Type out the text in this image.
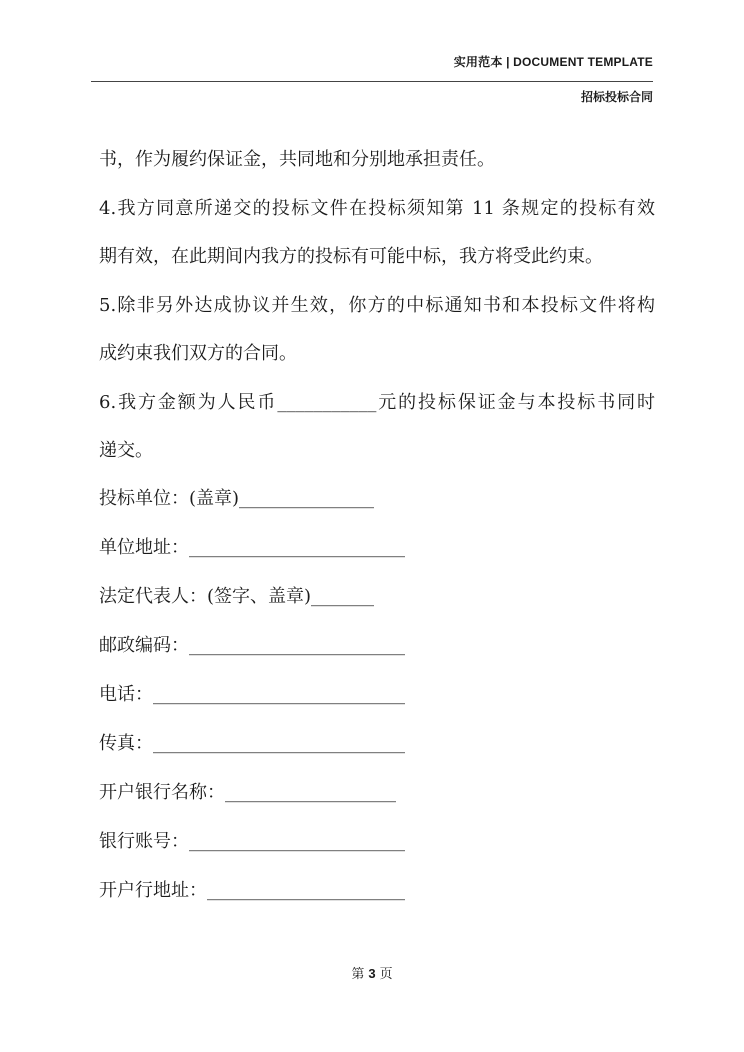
实用范本 | DOCUMENT TEMPLATE
招标投标合同
书，作为履约保证金，共同地和分别地承担责任。
4.我方同意所递交的投标文件在投标须知第 11 条规定的投标有效
期有效，在此期间内我方的投标有可能中标，我方将受此约束。
5.除非另外达成协议并生效，你方的中标通知书和本投标文件将构
成约束我们双方的合同。
6.我方金额为人民币___________元的投标保证金与本投标书同时
递交。
投标单位：(盖章)_______________
单位地址：________________________
法定代表人：(签字、盖章)_______
邮政编码：________________________
电话：____________________________
传真：____________________________
开户银行名称：___________________
银行账号：________________________
开户行地址：______________________
第 3 页
